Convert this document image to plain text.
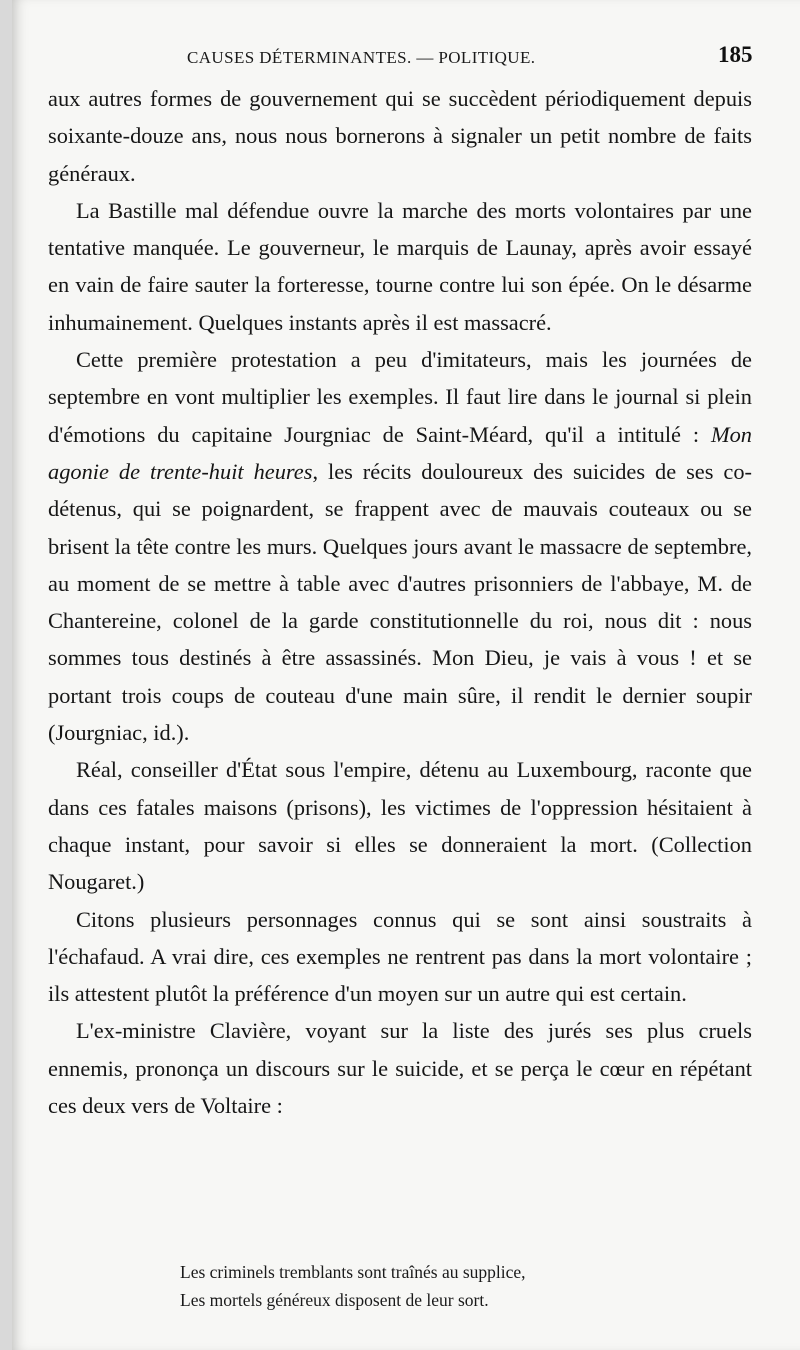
CAUSES DÉTERMINANTES. — POLITIQUE.	185

aux autres formes de gouvernement qui se succèdent périodiquement depuis soixante-douze ans, nous nous bornerons à signaler un petit nombre de faits généraux.

La Bastille mal défendue ouvre la marche des morts volontaires par une tentative manquée. Le gouverneur, le marquis de Launay, après avoir essayé en vain de faire sauter la forteresse, tourne contre lui son épée. On le désarme inhumainement. Quelques instants après il est massacré.

Cette première protestation a peu d'imitateurs, mais les journées de septembre en vont multiplier les exemples. Il faut lire dans le journal si plein d'émotions du capitaine Jourgniac de Saint-Méard, qu'il a intitulé : Mon agonie de trente-huit heures, les récits douloureux des suicides de ses co-détenus, qui se poignardent, se frappent avec de mauvais couteaux ou se brisent la tête contre les murs. Quelques jours avant le massacre de septembre, au moment de se mettre à table avec d'autres prisonniers de l'abbaye, M. de Chantereine, colonel de la garde constitutionnelle du roi, nous dit : nous sommes tous destinés à être assassinés. Mon Dieu, je vais à vous ! et se portant trois coups de couteau d'une main sûre, il rendit le dernier soupir (Jourgniac, id.).

Réal, conseiller d'État sous l'empire, détenu au Luxembourg, raconte que dans ces fatales maisons (prisons), les victimes de l'oppression hésitaient à chaque instant, pour savoir si elles se donneraient la mort. (Collection Nougaret.)

Citons plusieurs personnages connus qui se sont ainsi soustraits à l'échafaud. A vrai dire, ces exemples ne rentrent pas dans la mort volontaire ; ils attestent plutôt la préférence d'un moyen sur un autre qui est certain.

L'ex-ministre Clavière, voyant sur la liste des jurés ses plus cruels ennemis, prononça un discours sur le suicide, et se perça le cœur en répétant ces deux vers de Voltaire :

Les criminels tremblants sont traînés au supplice,
Les mortels généreux disposent de leur sort.
